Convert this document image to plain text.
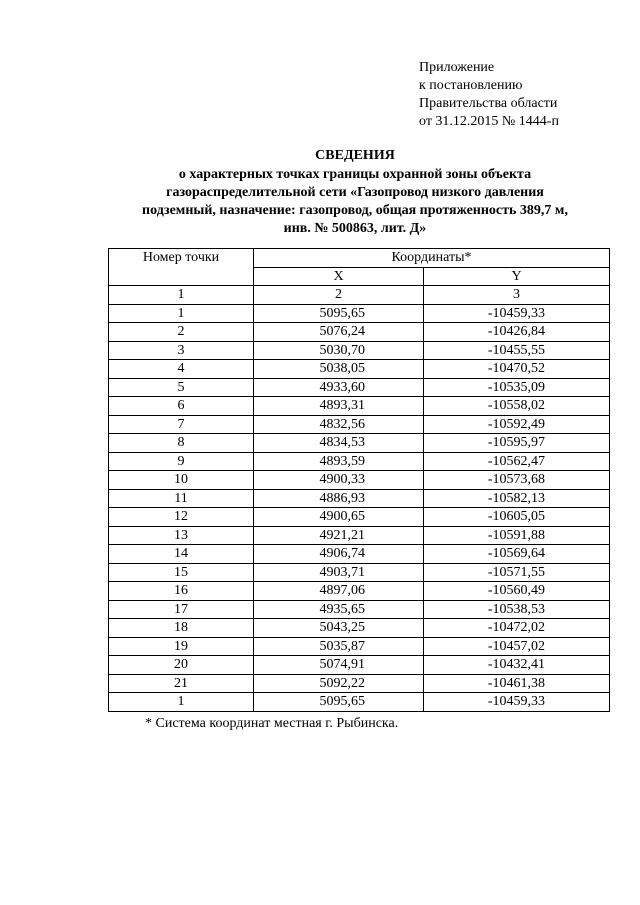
Приложение
к постановлению
Правительства области
от 31.12.2015 № 1444-п
СВЕДЕНИЯ
о характерных точках границы охранной зоны объекта
газораспределительной сети «Газопровод низкого давления
подземный, назначение: газопровод, общая протяженность 389,7 м,
инв. № 500863, лит. Д»
Номер точки	Координаты*	
	X	Y
1	2	3
1	5095,65	-10459,33
2	5076,24	-10426,84
3	5030,70	-10455,55
4	5038,05	-10470,52
5	4933,60	-10535,09
6	4893,31	-10558,02
7	4832,56	-10592,49
8	4834,53	-10595,97
9	4893,59	-10562,47
10	4900,33	-10573,68
11	4886,93	-10582,13
12	4900,65	-10605,05
13	4921,21	-10591,88
14	4906,74	-10569,64
15	4903,71	-10571,55
16	4897,06	-10560,49
17	4935,65	-10538,53
18	5043,25	-10472,02
19	5035,87	-10457,02
20	5074,91	-10432,41
21	5092,22	-10461,38
1	5095,65	-10459,33
* Система координат местная г. Рыбинска.
